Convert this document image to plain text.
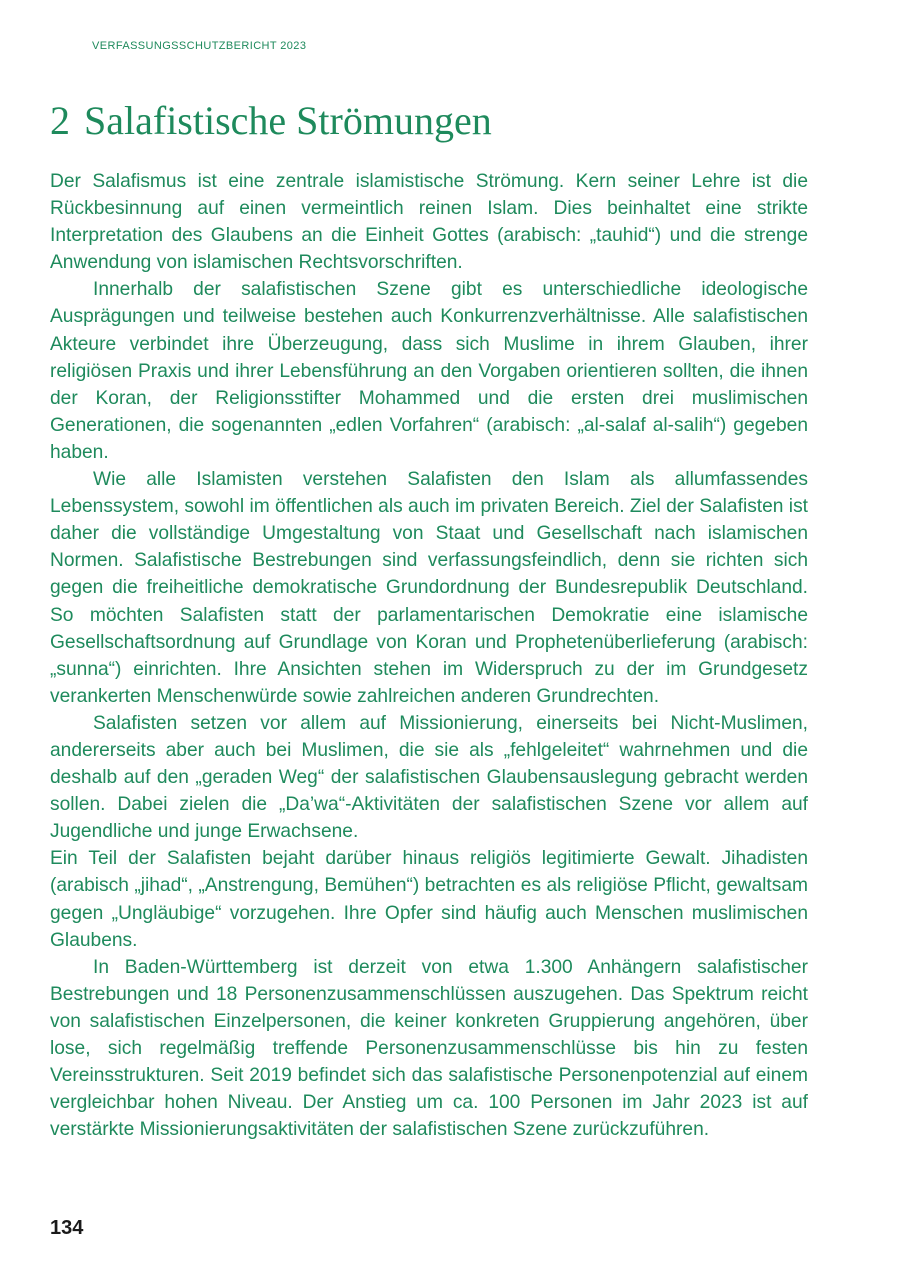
VERFASSUNGSSCHUTZBERICHT 2023
2 Salafistische Strömungen

Der Salafismus ist eine zentrale islamistische Strömung. Kern seiner Lehre ist die Rückbesinnung auf einen vermeintlich reinen Islam. Dies beinhaltet eine strikte Interpretation des Glaubens an die Einheit Gottes (arabisch: „tauhid“) und die strenge Anwendung von islamischen Rechtsvorschriften.

Innerhalb der salafistischen Szene gibt es unterschiedliche ideologische Ausprägungen und teilweise bestehen auch Konkurrenzverhältnisse. Alle salafistischen Akteure verbindet ihre Überzeugung, dass sich Muslime in ihrem Glauben, ihrer religiösen Praxis und ihrer Lebensführung an den Vorgaben orientieren sollten, die ihnen der Koran, der Religionsstifter Mohammed und die ersten drei muslimischen Generationen, die sogenannten „edlen Vorfahren“ (arabisch: „al-salaf al-salih“) gegeben haben.

Wie alle Islamisten verstehen Salafisten den Islam als allumfassendes Lebenssystem, sowohl im öffentlichen als auch im privaten Bereich. Ziel der Salafisten ist daher die vollständige Umgestaltung von Staat und Gesellschaft nach islamischen Normen. Salafistische Bestrebungen sind verfassungsfeindlich, denn sie richten sich gegen die freiheitliche demokratische Grundordnung der Bundesrepublik Deutschland. So möchten Salafisten statt der parlamentarischen Demokratie eine islamische Gesellschaftsordnung auf Grundlage von Koran und Prophetenüberlieferung (arabisch: „sunna“) einrichten. Ihre Ansichten stehen im Widerspruch zu der im Grundgesetz verankerten Menschenwürde sowie zahlreichen anderen Grundrechten.

Salafisten setzen vor allem auf Missionierung, einerseits bei Nicht-Muslimen, andererseits aber auch bei Muslimen, die sie als „fehlgeleitet“ wahrnehmen und die deshalb auf den „geraden Weg“ der salafistischen Glaubensauslegung gebracht werden sollen. Dabei zielen die „Da’wa“-Aktivitäten der salafistischen Szene vor allem auf Jugendliche und junge Erwachsene.

Ein Teil der Salafisten bejaht darüber hinaus religiös legitimierte Gewalt. Jihadisten (arabisch „jihad“, „Anstrengung, Bemühen“) betrachten es als religiöse Pflicht, gewaltsam gegen „Ungläubige“ vorzugehen. Ihre Opfer sind häufig auch Menschen muslimischen Glaubens.

In Baden-Württemberg ist derzeit von etwa 1.300 Anhängern salafistischer Bestrebungen und 18 Personenzusammenschlüssen auszugehen. Das Spektrum reicht von salafistischen Einzelpersonen, die keiner konkreten Gruppierung angehören, über lose, sich regelmäßig treffende Personenzusammenschlüsse bis hin zu festen Vereinsstrukturen. Seit 2019 befindet sich das salafistische Personenpotenzial auf einem vergleichbar hohen Niveau. Der Anstieg um ca. 100 Personen im Jahr 2023 ist auf verstärkte Missionierungsaktivitäten der salafistischen Szene zurückzuführen.

134
